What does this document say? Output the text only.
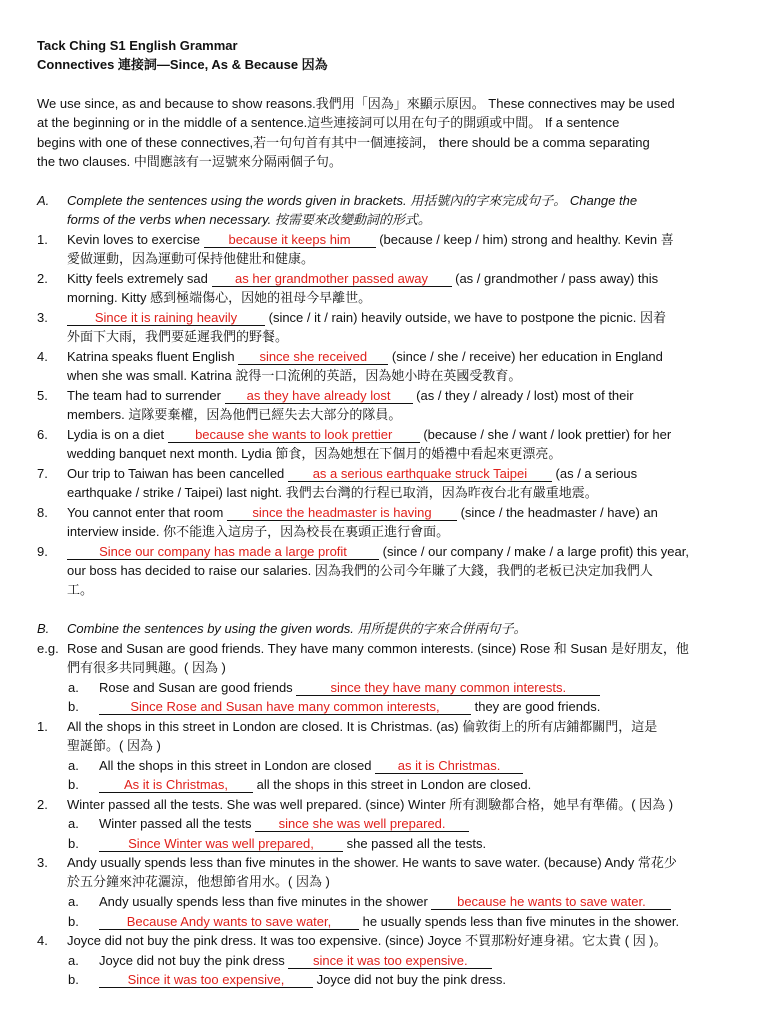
Tack Ching S1 English Grammar
Connectives 連接詞—Since, As & Because 因為
We use since, as and because to show reasons.我們用「因為」來顯示原因。 These connectives may be used
at the beginning or in the middle of a sentence.這些連接詞可以用在句子的開頭或中間。 If a sentence
begins with one of these connectives,若一句句首有其中一個連接詞， there should be a comma separating
the two clauses. 中間應該有一逗號來分隔兩個子句。
A. Complete the sentences using the words given in brackets. 用括號內的字來完成句子。 Change the
forms of the verbs when necessary. 按需要來改變動詞的形式。
1. Kevin loves to exercise because it keeps him (because / keep / him) strong and healthy. Kevin 喜
愛做運動，因為運動可保持他健壯和健康。
2. Kitty feels extremely sad as her grandmother passed away (as / grandmother / pass away) this
morning. Kitty 感到極端傷心，因她的祖母今早離世。
3.	Since it is raining heavily (since / it / rain) heavily outside, we have to postpone the picnic. 因着
外面下大雨，我們要延遲我們的野餐。
4. Katrina speaks fluent English since she received (since / she / receive) her education in England
when she was small. Katrina 說得一口流俐的英語，因為她小時在英國受教育。
5. The team had to surrender as they have already lost (as / they / already / lost) most of their
members. 這隊要棄權，因為他們已經失去大部分的隊員。
6. Lydia is on a diet because she wants to look prettier (because / she / want / look prettier) for her
wedding banquet next month. Lydia 節食，因為她想在下個月的婚禮中看起來更漂亮。
7. Our trip to Taiwan has been cancelled as a serious earthquake struck Taipei (as / a serious
earthquake / strike / Taipei) last night. 我們去台灣的行程已取消，因為昨夜台北有嚴重地震。
8. You cannot enter that room since the headmaster is having (since / the headmaster / have) an
interview inside. 你不能進入這房子，因為校長在裏頭正進行會面。
9.	Since our company has made a large profit (since / our company / make / a large profit) this year,
our boss has decided to raise our salaries. 因為我們的公司今年賺了大錢，我們的老板已決定加我們人
工。
B. Combine the sentences by using the given words. 用所提供的字來合併兩句子。
e.g. Rose and Susan are good friends. They have many common interests. (since) Rose 和 Susan 是好朋友，他
們有很多共同興趣。( 因為 )
a. Rose and Susan are good friends	since they have many common interests.
b.	Since Rose and Susan have many common interests, they are good friends.
1. All the shops in this street in London are closed. It is Christmas. (as) 倫敦街上的所有店鋪都關門，這是
聖誕節。( 因為 )
a. All the shops in this street in London are closed as it is Christmas.
b.	As it is Christmas, all the shops in this street in London are closed.
2. Winter passed all the tests. She was well prepared. (since) Winter 所有測驗都合格，她早有準備。( 因為 )
a. Winter passed all the tests since she was well prepared.
b.	Since Winter was well prepared, she passed all the tests.
3. Andy usually spends less than five minutes in the shower. He wants to save water. (because) Andy 常花少
於五分鐘來沖花灑涼，他想節省用水。( 因為 )
a. Andy usually spends less than five minutes in the shower because he wants to save water.
b.	Because Andy wants to save water, he usually spends less than five minutes in the shower.
4. Joyce did not buy the pink dress. It was too expensive. (since) Joyce 不買那粉好連身裙。它太貴 ( 因 )。
a. Joyce did not buy the pink dress since it was too expensive.
b.	Since it was too expensive, Joyce did not buy the pink dress.
